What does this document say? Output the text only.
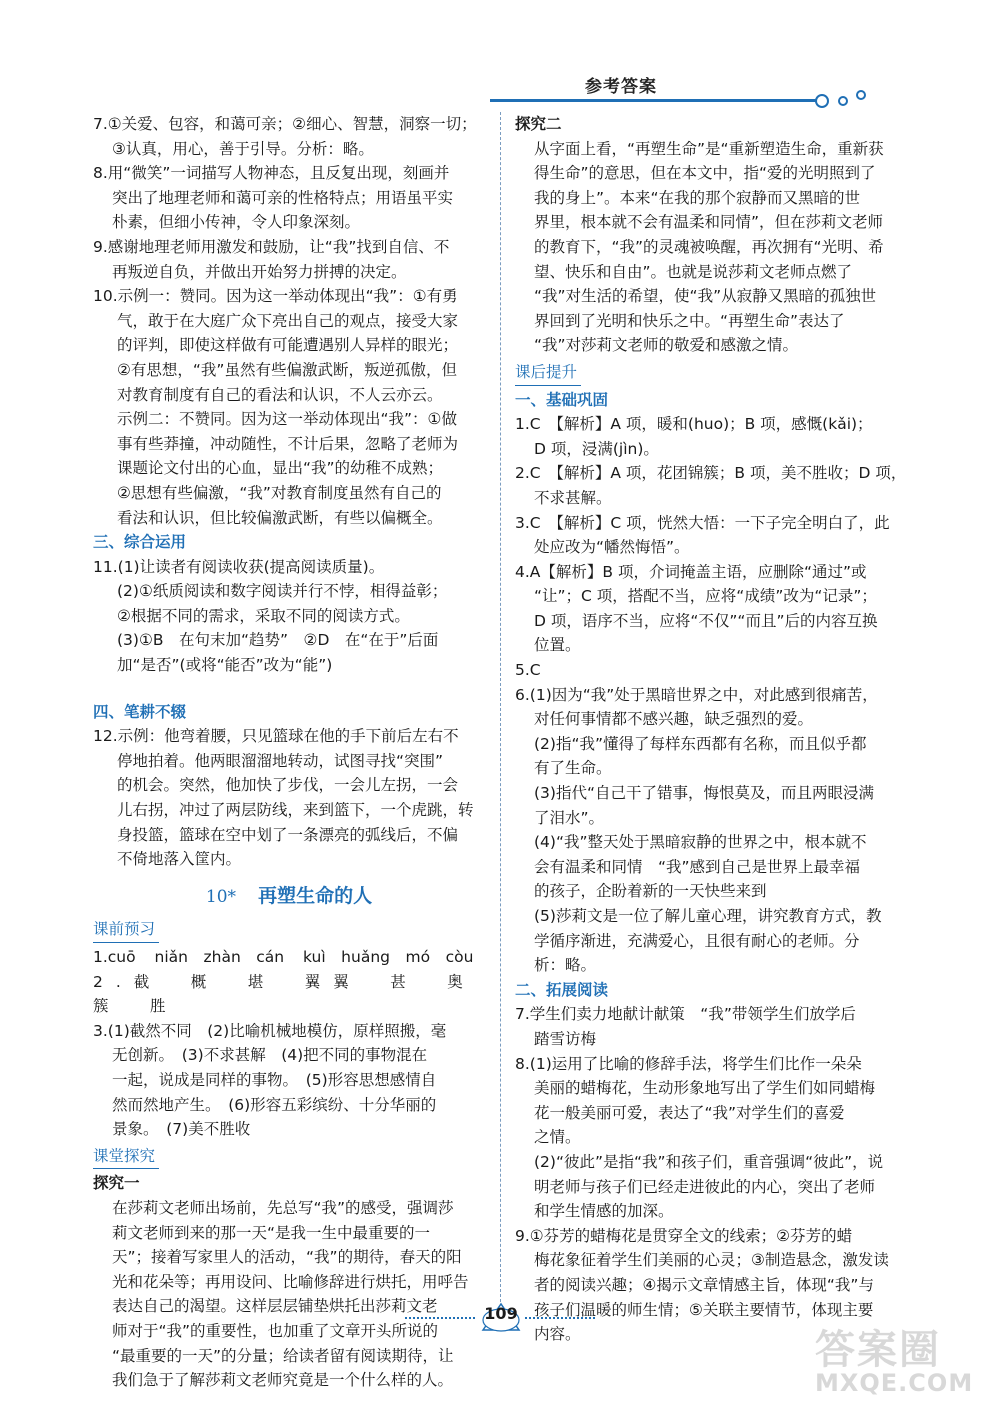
参考答案

7.①关爱、包容，和蔼可亲；②细心、智慧，洞察一切；

③认真，用心，善于引导。分析：略。

8.用“微笑”一词描写人物神态，且反复出现，刻画并

突出了地理老师和蔼可亲的性格特点；用语虽平实

朴素，但细小传神，令人印象深刻。

9.感谢地理老师用激发和鼓励，让“我”找到自信、不

再叛逆自负，并做出开始努力拼搏的决定。

10.示例一：赞同。因为这一举动体现出“我”：①有勇

气，敢于在大庭广众下亮出自己的观点，接受大家

的评判，即使这样做有可能遭遇别人异样的眼光；

②有思想，“我”虽然有些偏激武断，叛逆孤傲，但

对教育制度有自己的看法和认识，不人云亦云。

示例二：不赞同。因为这一举动体现出“我”：①做

事有些莽撞，冲动随性，不计后果，忽略了老师为

课题论文付出的心血，显出“我”的幼稚不成熟；

②思想有些偏激，“我”对教育制度虽然有自己的

看法和认识，但比较偏激武断，有些以偏概全。

三、综合运用

11.(1)让读者有阅读收获(提高阅读质量)。

(2)①纸质阅读和数字阅读并行不悖，相得益彰；

②根据不同的需求，采取不同的阅读方式。

(3)①B　在句末加“趋势”　②D　在“在于”后面

加“是否”(或将“能否”改为“能”)

四、笔耕不辍

12.示例：他弯着腰，只见篮球在他的手下前后左右不

停地拍着。他两眼溜溜地转动，试图寻找“突围”

的机会。突然，他加快了步伐，一会儿左拐，一会

儿右拐，冲过了两层防线，来到篮下，一个虎跳，转

身投篮，篮球在空中划了一条漂亮的弧线后，不偏

不倚地落入筐内。

10* 再塑生命的人
课前预习

1.cuō niǎn　zhàn　cán kuì　huǎng　mó　còu

2.截　概　堪　翼翼　甚　奥　簇　胜

3.(1)截然不同　(2)比喻机械地模仿，原样照搬，毫

无创新。　(3)不求甚解　(4)把不同的事物混在

一起，说成是同样的事物。　(5)形容思想感情自

然而然地产生。　(6)形容五彩缤纷、十分华丽的

景象。　(7)美不胜收

课堂探究

探究一

在莎莉文老师出场前，先总写“我”的感受，强调莎

莉文老师到来的那一天“是我一生中最重要的一

天”；接着写家里人的活动，“我”的期待，春天的阳

光和花朵等；再用设问、比喻修辞进行烘托，用呼告

表达自己的渴望。这样层层铺垫烘托出莎莉文老

师对于“我”的重要性，也加重了文章开头所说的

“最重要的一天”的分量；给读者留有阅读期待，让

我们急于了解莎莉文老师究竟是一个什么样的人。

探究二

从字面上看，“再塑生命”是“重新塑造生命，重新获

得生命”的意思，但在本文中，指“爱的光明照到了

我的身上”。本来“在我的那个寂静而又黑暗的世

界里，根本就不会有温柔和同情”，但在莎莉文老师

的教育下，“我”的灵魂被唤醒，再次拥有“光明、希

望、快乐和自由”。也就是说莎莉文老师点燃了

“我”对生活的希望，使“我”从寂静又黑暗的孤独世

界回到了光明和快乐之中。“再塑生命”表达了

“我”对莎莉文老师的敬爱和感激之情。

课后提升

一、基础巩固

1.C　【解析】A 项，暖和(huo)；B 项，感慨(kǎi)；

D 项，浸满(jìn)。

2.C　【解析】A 项，花团锦簇；B 项，美不胜收；D 项，

不求甚解。

3.C　【解析】C 项，恍然大悟：一下子完全明白了，此

处应改为“幡然悔悟”。

4.A【解析】B 项，介词掩盖主语，应删除“通过”或

“让”；C 项，搭配不当，应将“成绩”改为“记录”；

D 项，语序不当，应将“不仅”“而且”后的内容互换

位置。

5.C

6.(1)因为“我”处于黑暗世界之中，对此感到很痛苦，

对任何事情都不感兴趣，缺乏强烈的爱。

(2)指“我”懂得了每样东西都有名称，而且似乎都

有了生命。

(3)指代“自己干了错事，悔恨莫及，而且两眼浸满

了泪水”。

(4)“我”整天处于黑暗寂静的世界之中，根本就不

会有温柔和同情　“我”感到自己是世界上最幸福

的孩子，企盼着新的一天快些来到

(5)莎莉文是一位了解儿童心理，讲究教育方式，教

学循序渐进，充满爱心，且很有耐心的老师。分

析：略。

二、拓展阅读

7.学生们卖力地献计献策　“我”带领学生们放学后

踏雪访梅

8.(1)运用了比喻的修辞手法，将学生们比作一朵朵

美丽的蜡梅花，生动形象地写出了学生们如同蜡梅

花一般美丽可爱，表达了“我”对学生们的喜爱

之情。

(2)“彼此”是指“我”和孩子们，重音强调“彼此”，说

明老师与孩子们已经走进彼此的内心，突出了老师

和学生情感的加深。

9.①芬芳的蜡梅花是贯穿全文的线索；②芬芳的蜡

梅花象征着学生们美丽的心灵；③制造悬念，激发读

者的阅读兴趣；④揭示文章情感主旨，体现“我”与

孩子们温暖的师生情；⑤关联主要情节，体现主要

内容。

109
答案圈
MXQE.COM
